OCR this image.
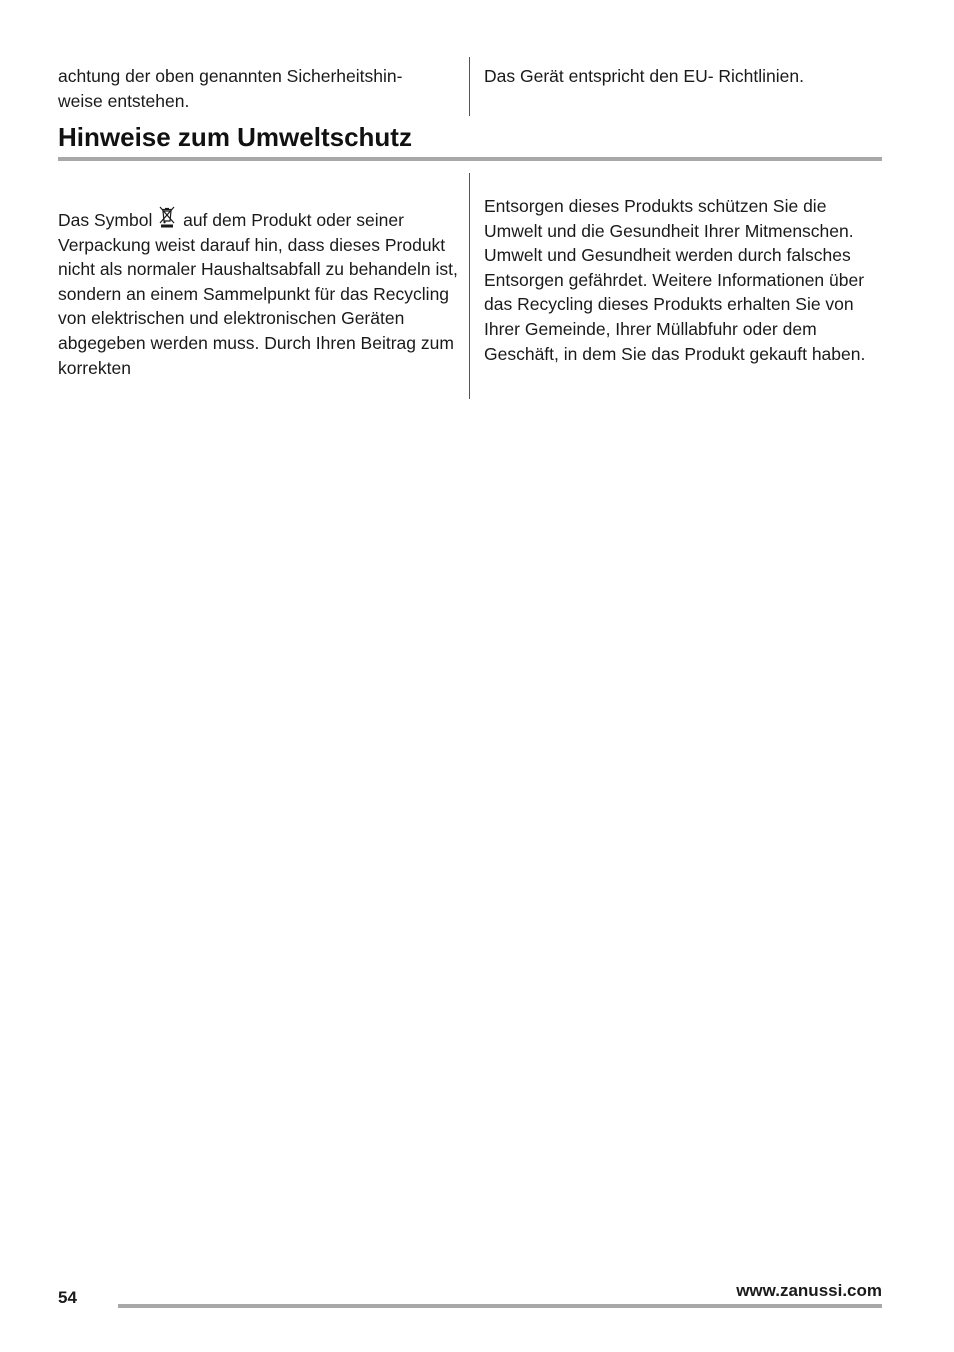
achtung der oben genannten Sicherheitshin-
weise entstehen.

Das Gerät entspricht den EU- Richtlinien.

Hinweise zum Umweltschutz

Das Symbol auf dem Produkt oder seiner Verpackung weist darauf hin, dass dieses Produkt nicht als normaler Haushaltsabfall zu behandeln ist, sondern an einem Sammelpunkt für das Recycling von elektrischen und elektronischen Geräten abgegeben werden muss. Durch Ihren Beitrag zum korrekten

Entsorgen dieses Produkts schützen Sie die Umwelt und die Gesundheit Ihrer Mitmenschen. Umwelt und Gesundheit werden durch falsches Entsorgen gefährdet. Weitere Informationen über das Recycling dieses Produkts erhalten Sie von Ihrer Gemeinde, Ihrer Müllabfuhr oder dem Geschäft, in dem Sie das Produkt gekauft haben.

54	www.zanussi.com
